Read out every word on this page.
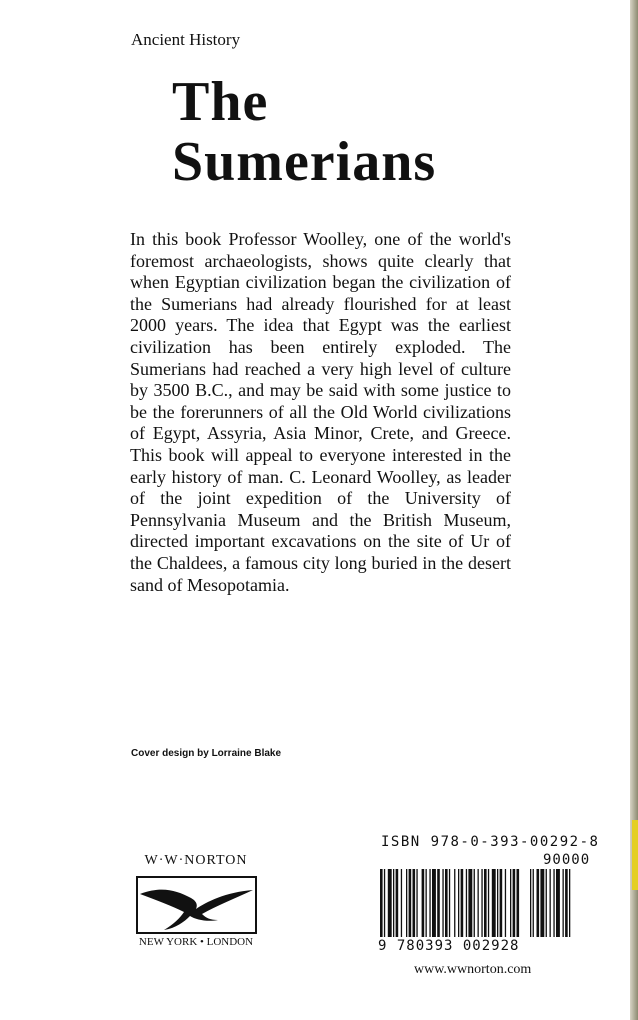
Ancient History
The
Sumerians
In this book Professor Woolley, one of the world's foremost archaeologists, shows quite clearly that when Egyptian civilization began the civilization of the Sumerians had already flourished for at least 2000 years. The idea that Egypt was the earliest civilization has been entirely exploded. The Sumerians had reached a very high level of culture by 3500 B.C., and may be said with some justice to be the forerunners of all the Old World civilizations of Egypt, Assyria, Asia Minor, Crete, and Greece. This book will appeal to everyone interested in the early history of man. C. Leonard Woolley, as leader of the joint expedition of the University of Pennsylvania Museum and the British Museum, directed important excavations on the site of Ur of the Chaldees, a famous city long buried in the desert sand of Mesopotamia.
Cover design by Lorraine Blake
W·W·NORTON
NEW YORK • LONDON
ISBN 978-0-393-00292-8
90000
9 780393 002928
www.wwnorton.com
